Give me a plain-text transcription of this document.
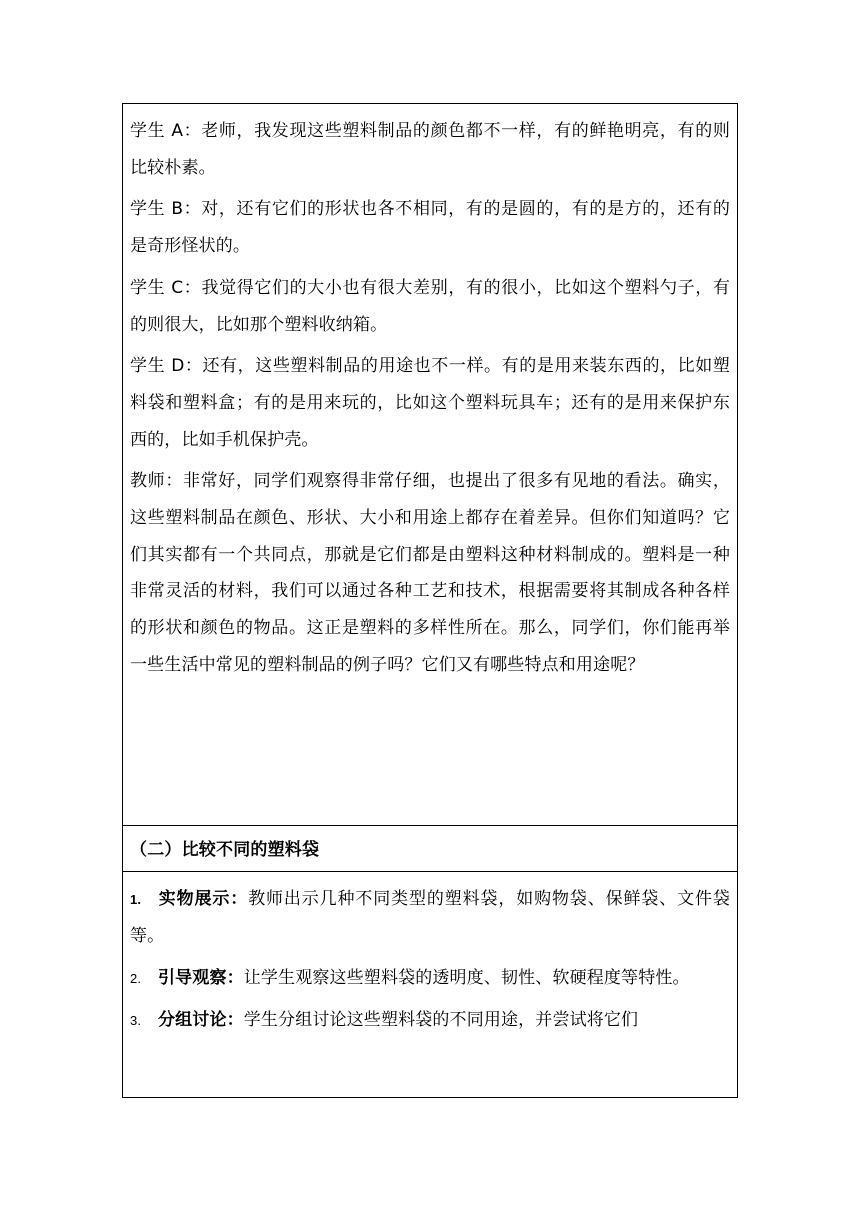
学生 A：老师，我发现这些塑料制品的颜色都不一样，有的鲜艳明亮，有的则比较朴素。

学生 B：对，还有它们的形状也各不相同，有的是圆的，有的是方的，还有的是奇形怪状的。

学生 C：我觉得它们的大小也有很大差别，有的很小，比如这个塑料勺子，有的则很大，比如那个塑料收纳箱。

学生 D：还有，这些塑料制品的用途也不一样。有的是用来装东西的，比如塑料袋和塑料盒；有的是用来玩的，比如这个塑料玩具车；还有的是用来保护东西的，比如手机保护壳。

教师：非常好，同学们观察得非常仔细，也提出了很多有见地的看法。确实，这些塑料制品在颜色、形状、大小和用途上都存在着差异。但你们知道吗？它们其实都有一个共同点，那就是它们都是由塑料这种材料制成的。塑料是一种非常灵活的材料，我们可以通过各种工艺和技术，根据需要将其制成各种各样的形状和颜色的物品。这正是塑料的多样性所在。那么，同学们，你们能再举一些生活中常见的塑料制品的例子吗？它们又有哪些特点和用途呢？

（二）比较不同的塑料袋

1. 实物展示：教师出示几种不同类型的塑料袋，如购物袋、保鲜袋、文件袋等。

2. 引导观察：让学生观察这些塑料袋的透明度、韧性、软硬程度等特性。

3. 分组讨论：学生分组讨论这些塑料袋的不同用途，并尝试将它们
